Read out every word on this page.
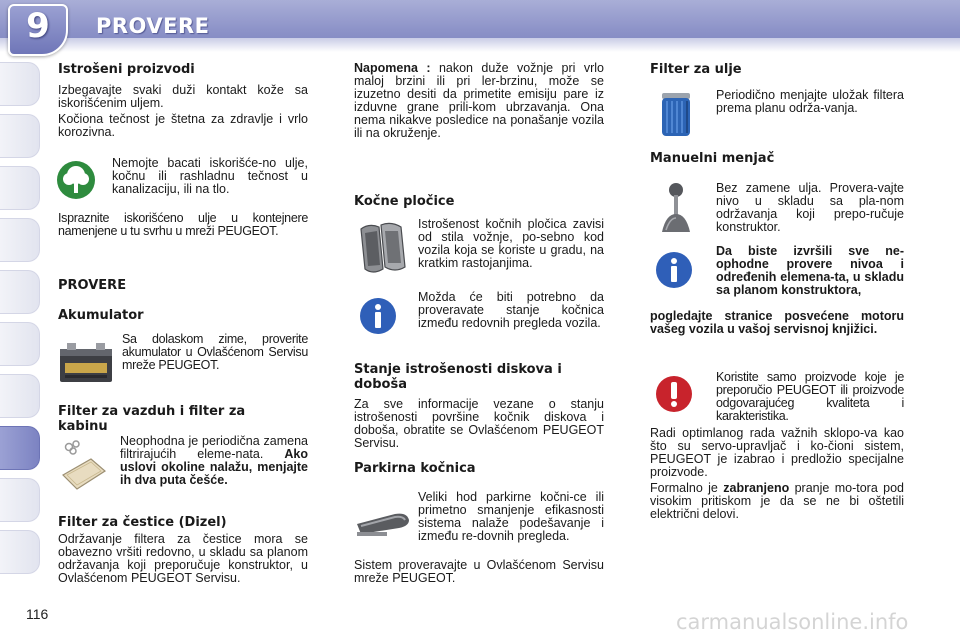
9	PROVERE
116
Istrošeni proizvodi
Izbegavajte svaki duži kontakt kože sa iskorišćenim uljem.
Kočiona tečnost je štetna za zdravlje i vrlo korozivna.
Nemojte bacati iskorišće-no ulje, kočnu ili rashladnu tečnost u kanalizaciju, ili na tlo.
Ispraznite iskorišćeno ulje u kontejnere namenjene u tu svrhu u mreži PEUGEOT.
PROVERE
Akumulator
Sa dolaskom zime, proverite akumulator u Ovlašćenom Servisu mreže PEUGEOT.
Filter za vazduh i filter za kabinu
Neophodna je periodična zamena filtrirajućih eleme-nata. Ako uslovi okoline nalažu, menjajte ih dva puta češće.
Filter za čestice (Dizel)
Održavanje filtera za čestice mora se obavezno vršiti redovno, u skladu sa planom održavanja koji preporučuje konstruktor, u Ovlašćenom PEUGEOT Servisu.
Napomena : nakon duže vožnje pri vrlo maloj brzini ili pri ler-brzinu, može se izuzetno desiti da primetite emisiju pare iz izduvne grane prili-kom ubrzavanja. Ona nema nikakve posledice na ponašanje vozila ili na okruženje.
Kočne pločice
Istrošenost kočnih pločica zavisi od stila vožnje, po-sebno kod vozila koja se koriste u gradu, na kratkim rastojanjima.
Možda će biti potrebno da proveravate stanje kočnica između redovnih pregleda vozila.
Stanje istrošenosti diskova i doboša
Za sve informacije vezane o stanju istrošenosti površine kočnik diskova i doboša, obratite se Ovlašćenom PEUGEOT Servisu.
Parkirna kočnica
Veliki hod parkirne kočni-ce ili primetno smanjenje efikasnosti sistema nalaže podešavanje i između re-dovnih pregleda.
Sistem proveravajte u Ovlašćenom Servisu mreže PEUGEOT.
Filter za ulje
Periodično menjajte uložak filtera prema planu održa-vanja.
Manuelni menjač
Bez zamene ulja. Provera-vajte nivo u skladu sa pla-nom održavanja koji prepo-ručuje konstruktor.
Da biste izvršili sve ne-ophodne provere nivoa i određenih elemena-ta, u skladu sa planom konstruktora,
pogledajte stranice posvećene motoru vašeg vozila u vašoj servisnoj knjižici.
Koristite samo proizvode koje je preporučio PEUGEOT ili proizvode odgovarajućeg kvaliteta i karakteristika.
Radi optimlanog rada važnih sklopo-va kao što su servo-upravljač i ko-čioni sistem, PEUGEOT je izabrao i predložio specijalne proizvode.
Formalno je zabranjeno pranje mo-tora pod visokim pritiskom je da se ne bi oštetili električni delovi.
carmanualsonline.info
